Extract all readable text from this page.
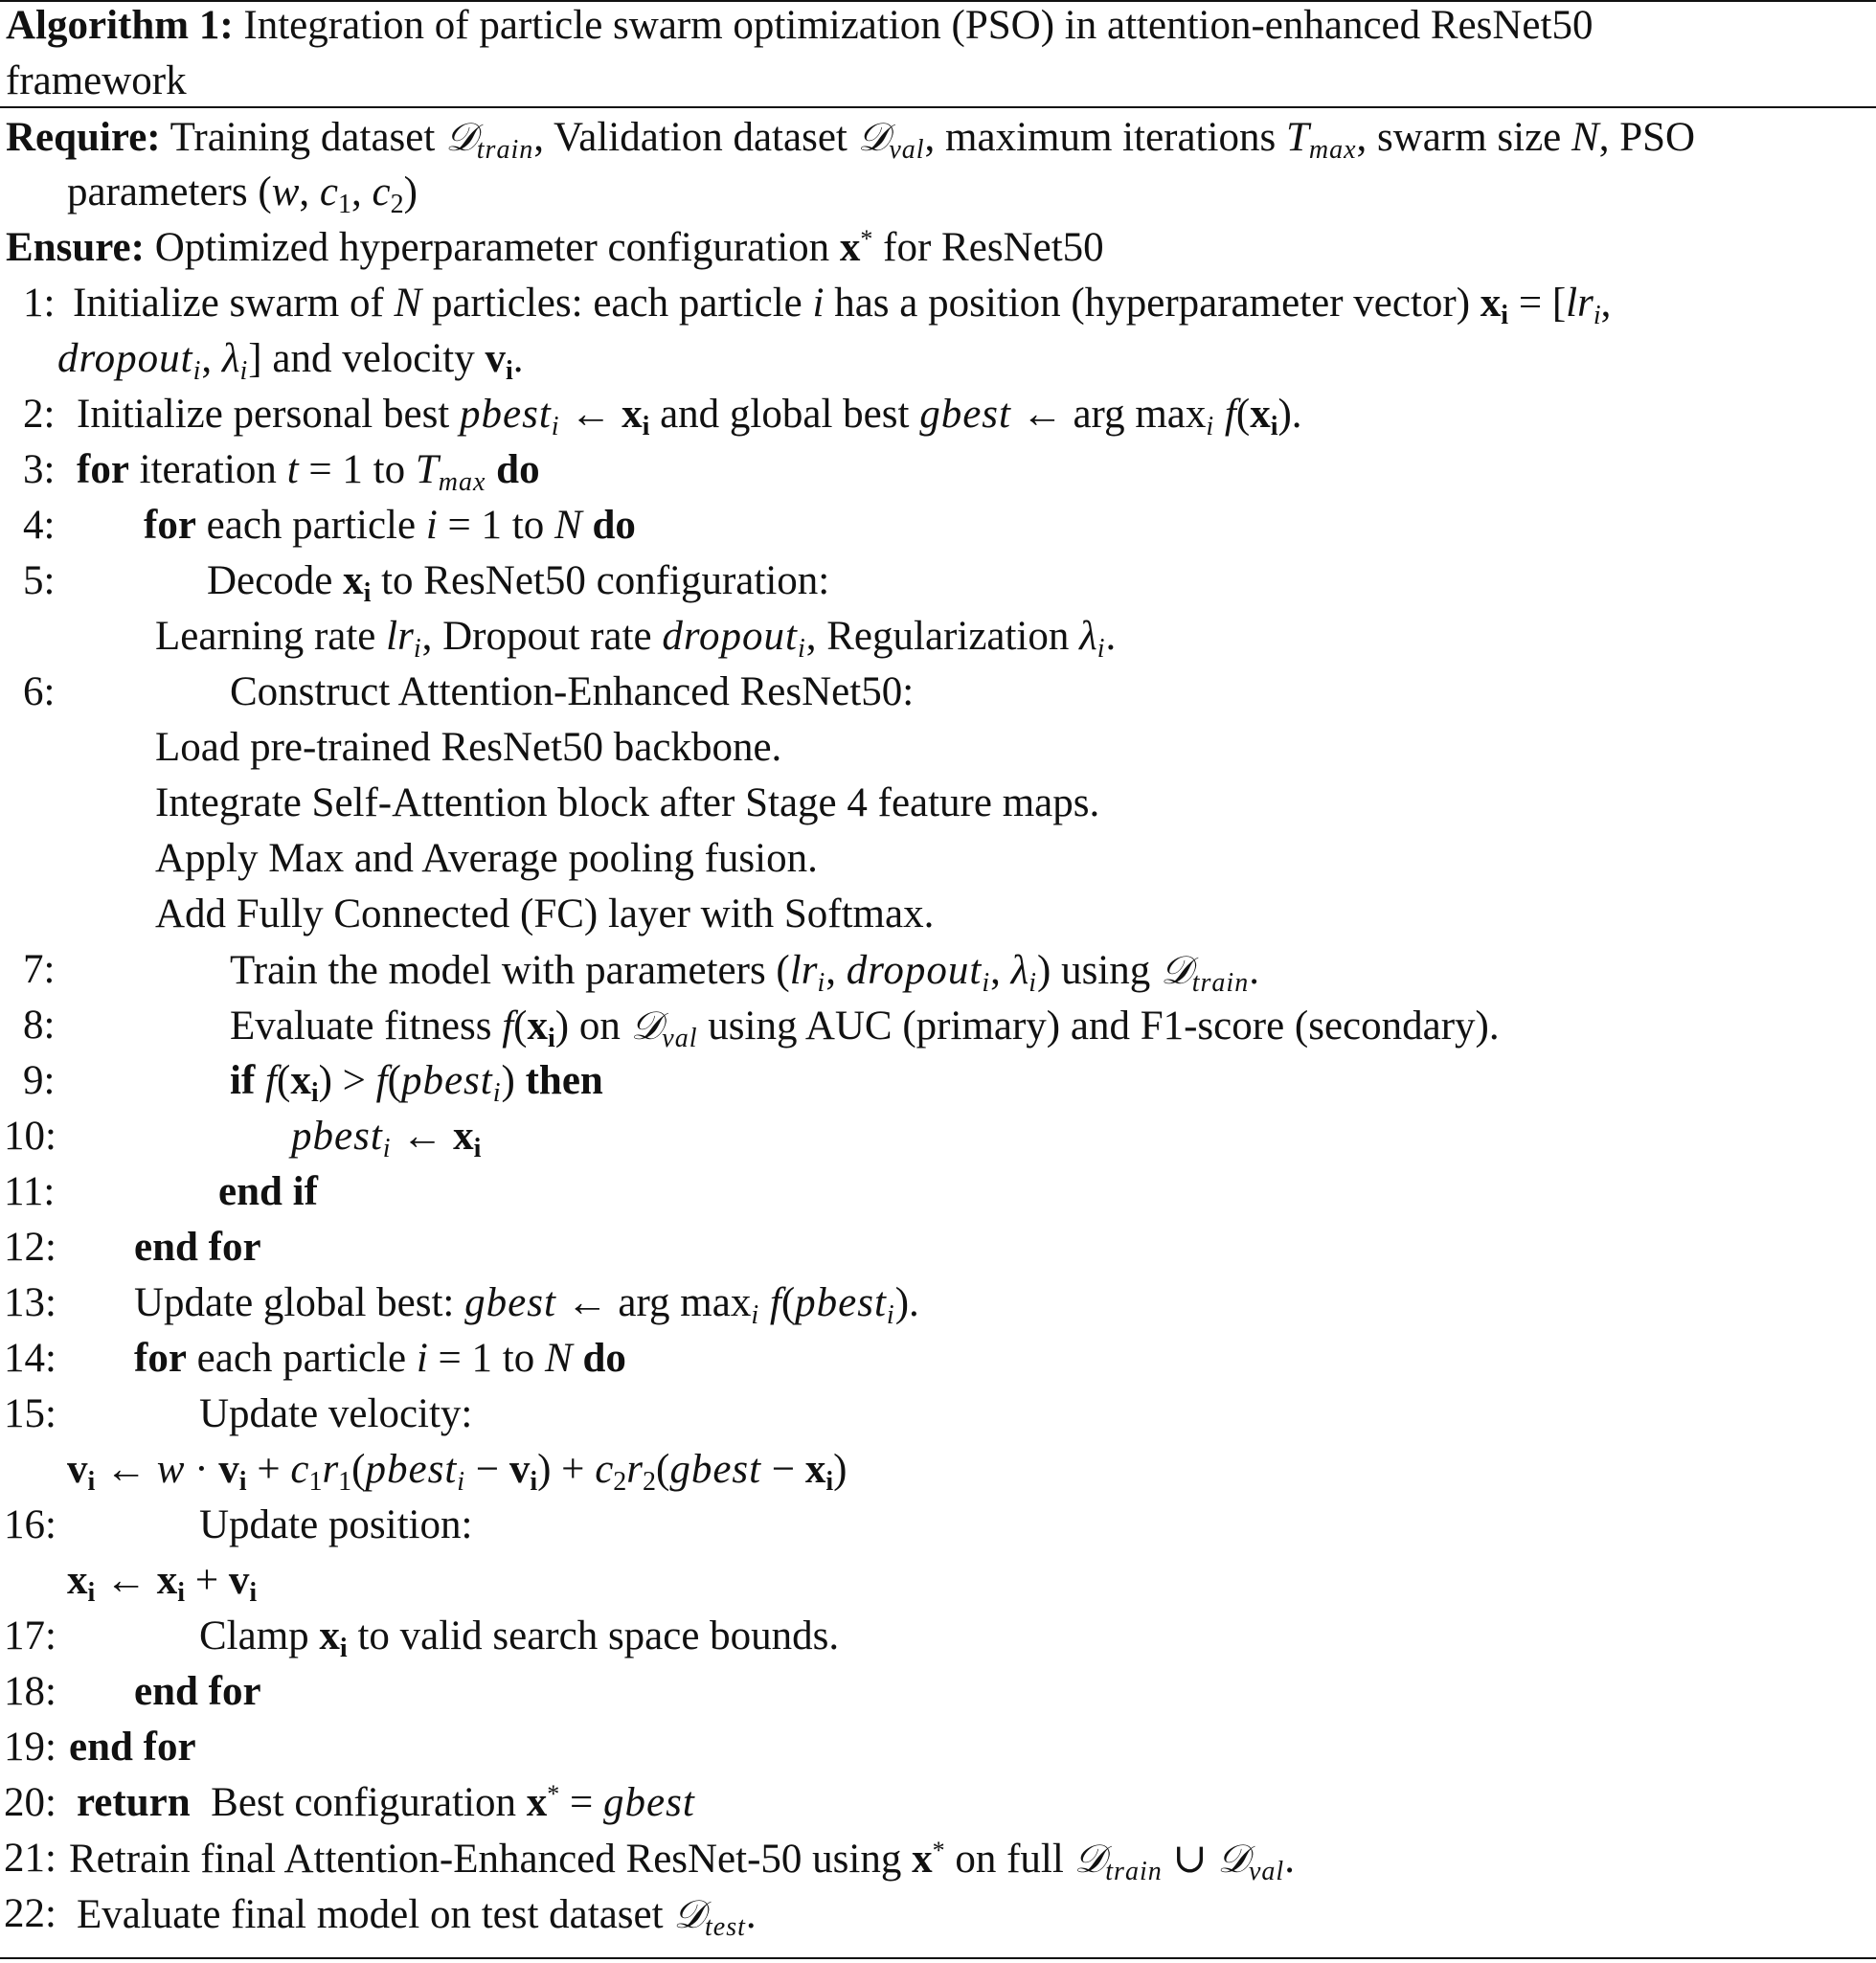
Algorithm 1: Integration of particle swarm optimization (PSO) in attention-enhanced ResNet50
framework
Require: Training dataset 𝒟$_{train}$, Validation dataset 𝒟$_{val}$, maximum iterations $T_{max}$, swarm size N, PSO
parameters (w, $c_1$, $c_2$)
Ensure: Optimized hyperparameter configuration x* for ResNet50
1: Initialize swarm of N particles: each particle i has a position (hyperparameter vector) $x_i = [lr_i$,
dropout$_i$, $\lambda_i$] and velocity $v_i$.
2: Initialize personal best pbest$_i$ ← $x_i$ and global best gbest ← arg $\max_i f(x_i)$.
3: for iteration t = 1 to $T_{max}$ do
4: for each particle i = 1 to N do
5:	Decode $x_i$ to ResNet50 configuration:
Learning rate $lr_i$, Dropout rate dropout$_i$, Regularization $\lambda_i$.
6:	Construct Attention-Enhanced ResNet50:
Load pre-trained ResNet50 backbone.
Integrate Self-Attention block after Stage 4 feature maps.
Apply Max and Average pooling fusion.
Add Fully Connected (FC) layer with Softmax.
7:	Train the model with parameters ($lr_i$, dropout$_i$, $\lambda_i$) using 𝒟$_{train}$.
8:	Evaluate fitness $f(x_i)$ on 𝒟$_{val}$ using AUC (primary) and F1-score (secondary).
9:	if $f(x_i)$ > f(pbest$_i$) then
10:	pbest$_i$ ← $x_i$
11:	end if
12: end for
13: Update global best: gbest ← arg $\max_i$ f(pbest$_i$).
14: for each particle i = 1 to N do
15:	Update velocity:
$v_i$ ← $w \cdot v_i$ + $c_1r_1(pbest_i - v_i)$ + $c_2r_2(gbest - x_i)$
16:	Update position:
$x_i$ ← $x_i + v_i$
17:	Clamp $x_i$ to valid search space bounds.
18: end for
19: end for
20: return Best configuration x* = gbest
21: Retrain final Attention-Enhanced ResNet-50 using x* on full 𝒟$_{train}$ ∪ 𝒟$_{val}$.
22: Evaluate final model on test dataset 𝒟$_{test}$.
